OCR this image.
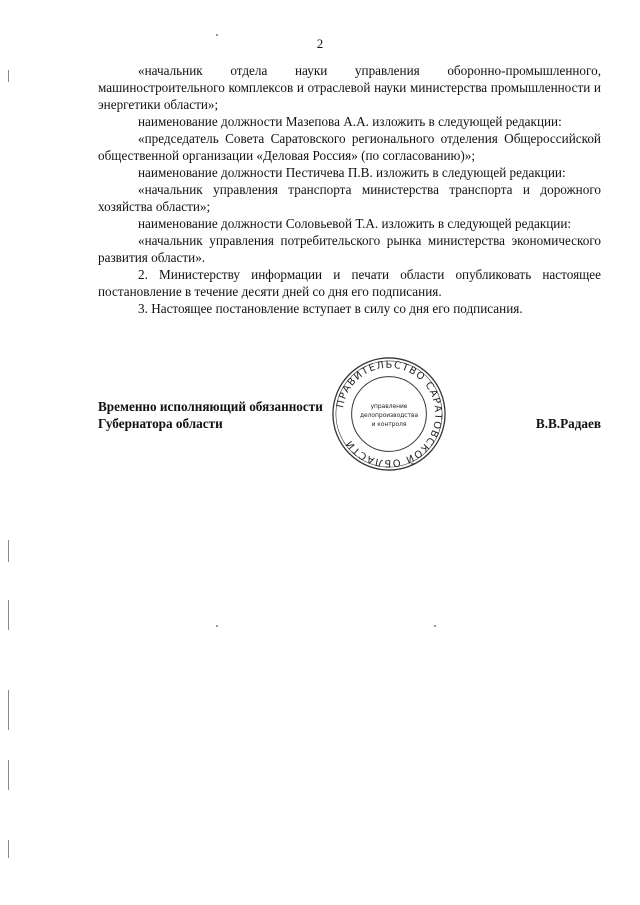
2

«начальник отдела науки управления оборонно-промышленного, машиностроительного комплексов и отраслевой науки министерства промышленности и энергетики области»;

наименование должности Мазепова А.А. изложить в следующей редакции:

«председатель Совета Саратовского регионального отделения Общероссийской общественной организации «Деловая Россия» (по согласованию)»;

наименование должности Пестичева П.В. изложить в следующей редакции:

«начальник управления транспорта министерства транспорта и дорожного хозяйства области»;

наименование должности Соловьевой Т.А. изложить в следующей редакции:

«начальник управления потребительского рынка министерства экономического развития области».

2. Министерству информации и печати области опубликовать настоящее постановление в течение десяти дней со дня его подписания.

3. Настоящее постановление вступает в силу со дня его подписания.

Временно исполняющий обязанности
Губернатора области	В.В.Радаев
ПРАВИТЕЛЬСТВО САРАТОВСКОЙ ОБЛАСТИ
управление
делопроизводства
и контроля
